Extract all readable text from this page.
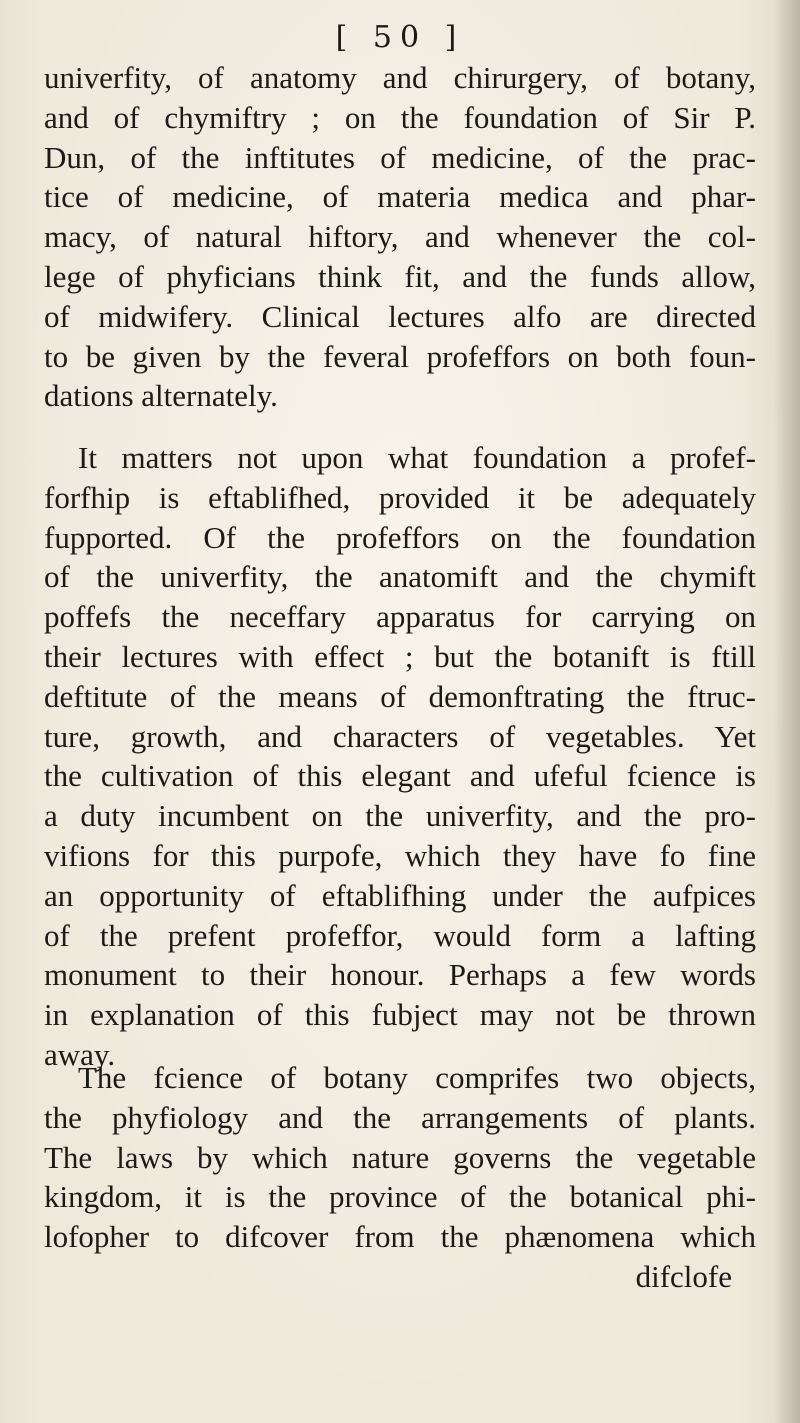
[ 50 ]
univerfity, of anatomy and chirurgery, of botany,
and of chymiftry ; on the foundation of Sir P.
Dun, of the inftitutes of medicine, of the prac-
tice of medicine, of materia medica and phar-
macy, of natural hiftory, and whenever the col-
lege of phyficians think fit, and the funds allow,
of midwifery. Clinical lectures alfo are directed
to be given by the feveral profeffors on both foun-
dations alternately.
It matters not upon what foundation a profef-
forfhip is eftablifhed, provided it be adequately
fupported. Of the profeffors on the foundation
of the univerfity, the anatomift and the chymift
poffefs the neceffary apparatus for carrying on
their lectures with effect ; but the botanift is ftill
deftitute of the means of demonftrating the ftruc-
ture, growth, and characters of vegetables. Yet
the cultivation of this elegant and ufeful fcience is
a duty incumbent on the univerfity, and the pro-
vifions for this purpofe, which they have fo fine
an opportunity of eftablifhing under the aufpices
of the prefent profeffor, would form a lafting
monument to their honour. Perhaps a few words
in explanation of this fubject may not be thrown
away.
The fcience of botany comprifes two objects,
the phyfiology and the arrangements of plants.
The laws by which nature governs the vegetable
kingdom, it is the province of the botanical phi-
lofopher to difcover from the phænomena which
difclofe
